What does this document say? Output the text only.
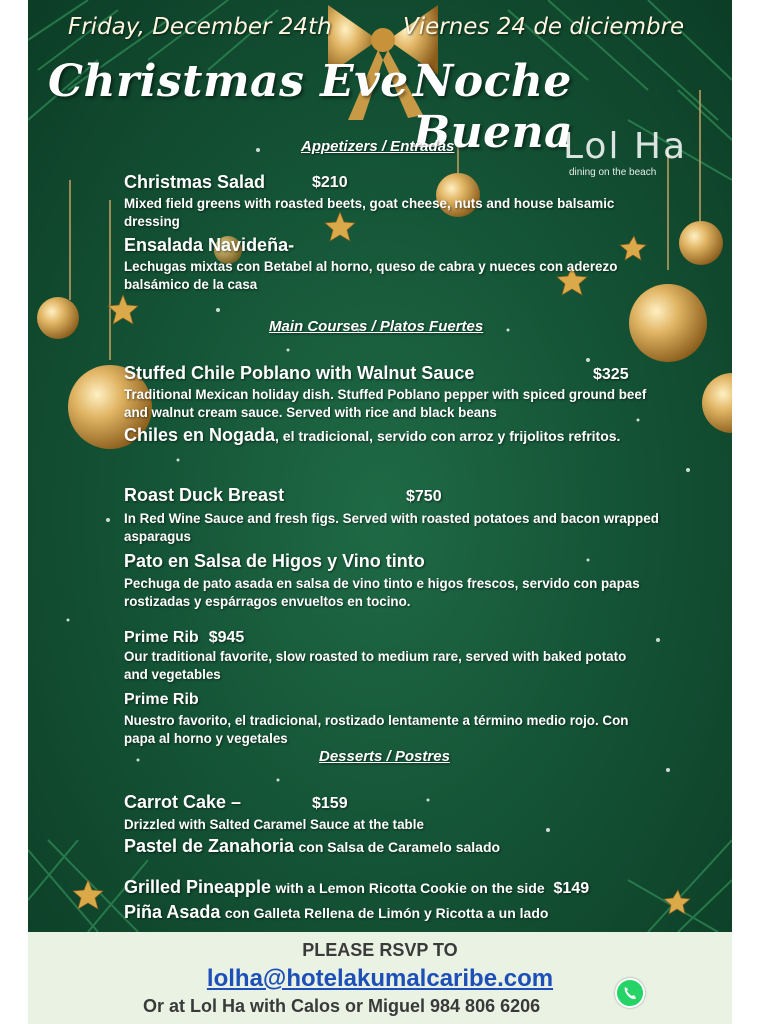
Friday, December 24th	Viernes 24 de diciembre
Christmas Eve Noche Buena
Lol Ha
dining on the beach
Appetizers / Entradas
Christmas Salad	$210
Mixed field greens with roasted beets, goat cheese, nuts and house balsamic dressing
Ensalada Navideña-
Lechugas mixtas con Betabel al horno, queso de cabra y nueces con aderezo balsámico de la casa
Main Courses / Platos Fuertes
Stuffed Chile Poblano with Walnut Sauce	$325
Traditional Mexican holiday dish. Stuffed Poblano pepper with spiced ground beef and walnut cream sauce. Served with rice and black beans
Chiles en Nogada, el tradicional, servido con arroz y frijolitos refritos.
Roast Duck Breast	$750
In Red Wine Sauce and fresh figs. Served with roasted potatoes and bacon wrapped asparagus
Pato en Salsa de Higos y Vino tinto
Pechuga de pato asada en salsa de vino tinto e higos frescos, servido con papas rostizadas y espárragos envueltos en tocino.
Prime Rib $945
Our traditional favorite, slow roasted to medium rare, served with baked potato and vegetables
Prime Rib
Nuestro favorito, el tradicional, rostizado lentamente a término medio rojo. Con papa al horno y vegetales
Desserts / Postres
Carrot Cake –	$159
Drizzled with Salted Caramel Sauce at the table
Pastel de Zanahoria con Salsa de Caramelo salado
Grilled Pineapple with a Lemon Ricotta Cookie on the side $149
Piña Asada con Galleta Rellena de Limón y Ricotta a un lado
PLEASE RSVP TO
lolha@hotelakumalcaribe.com
Or at Lol Ha with Calos or Miguel 984 806 6206
